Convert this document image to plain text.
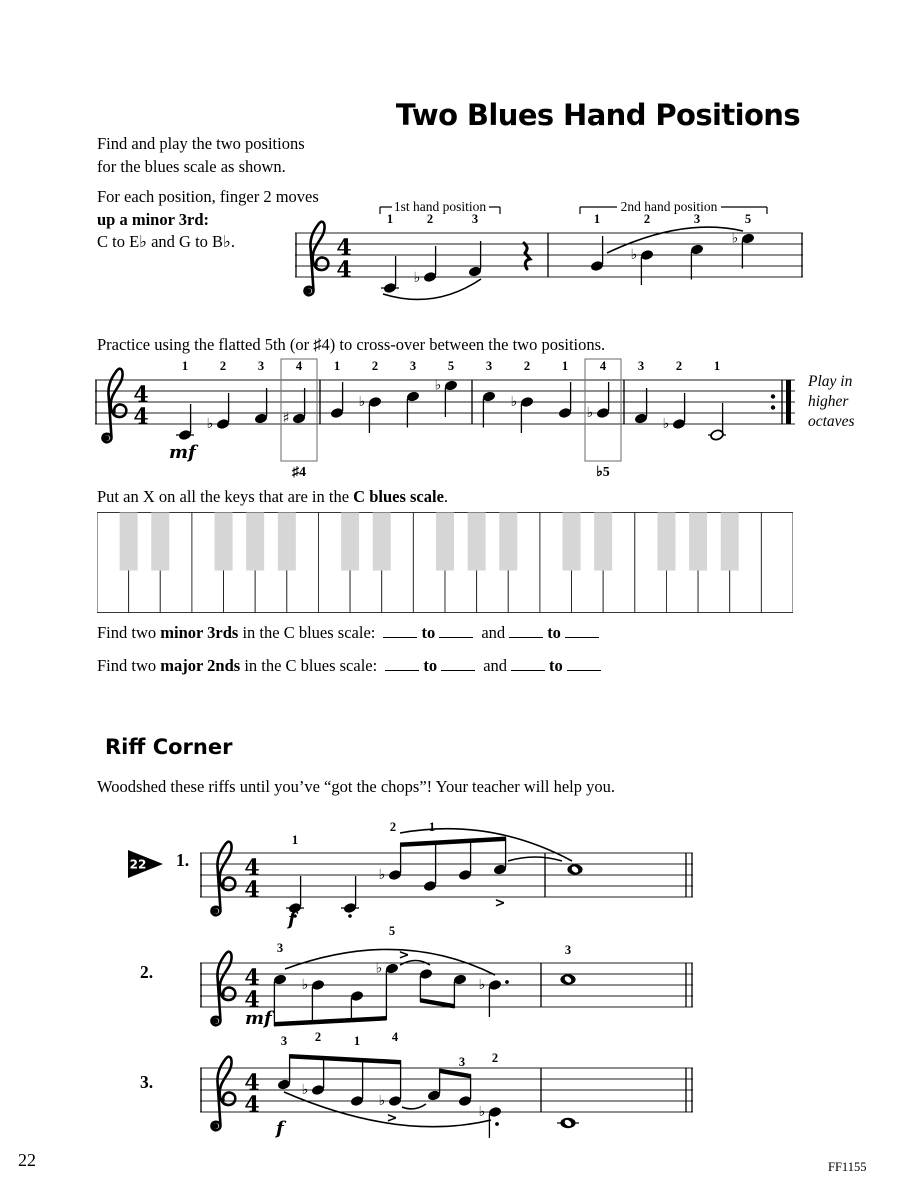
Two Blues Hand Positions
Find and play the two positions
for the blues scale as shown.
For each position, finger 2 moves
up a minor 3rd:
C to E♭ and G to B♭.	4
4
1st hand position	2nd hand position
1	2	3	1	2	3	5
♭
♭
♭
Practice using the flatted 5th (or ♯4) to cross-over between the two positions.
4
4
♯4	♭5
1	2	3	4	1	2	3	5	3	2	1	4	3	2	1
mf
♭	♯
♭
♭
♭
♭
♭
Play in
higher
octaves
Put an X on all the keys that are in the C blues scale.
Find two minor 3rds in the C blues scale:	to	and	to
Find two major 2nds in the C blues scale:	to	and	to
Riff Corner
Woodshed these riffs until you’ve “got the chops”! Your teacher will help you.
22 1.	4
4
1
2	1
f
♭
>
2.	4
4
3
5
3
mf
♭
♭
>
♭
3.	4
4
3 2	1	4
3 2
f
♭
♭
>	♭
22	FF1155
